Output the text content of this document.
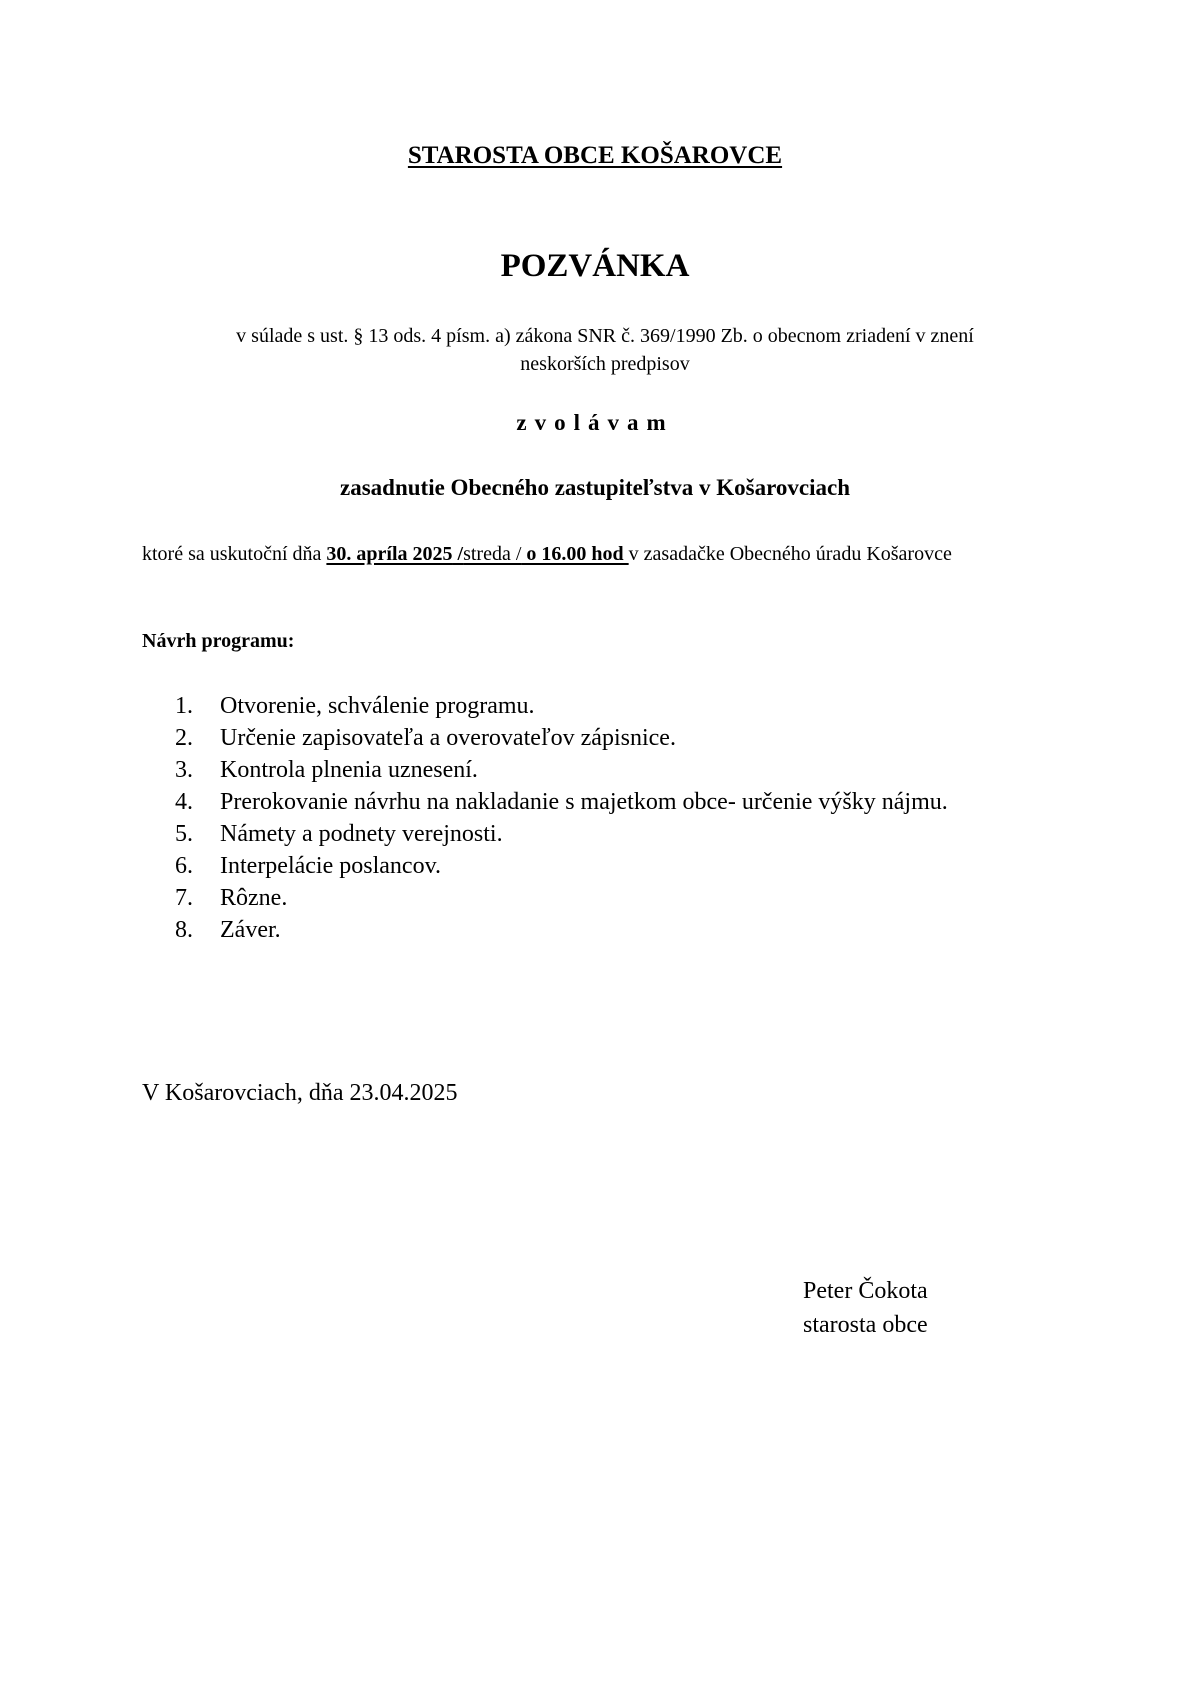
STAROSTA OBCE KOŠAROVCE
POZVÁNKA
v súlade s ust. § 13 ods. 4 písm. a) zákona SNR č. 369/1990 Zb. o obecnom zriadení v znení
neskorších predpisov
zvolávam
zasadnutie Obecného zastupiteľstva v Košarovciach
ktoré sa uskutoční dňa 30. apríla 2025 /streda / o 16.00 hod v zasadačke Obecného úradu Košarovce
Návrh programu:
1. Otvorenie, schválenie programu.
2. Určenie zapisovateľa a overovateľov zápisnice.
3. Kontrola plnenia uznesení.
4. Prerokovanie návrhu na nakladanie s majetkom obce- určenie výšky nájmu.
5. Námety a podnety verejnosti.
6. Interpelácie poslancov.
7. Rôzne.
8. Záver.
V Košarovciach, dňa 23.04.2025
Peter Čokota
starosta obce
